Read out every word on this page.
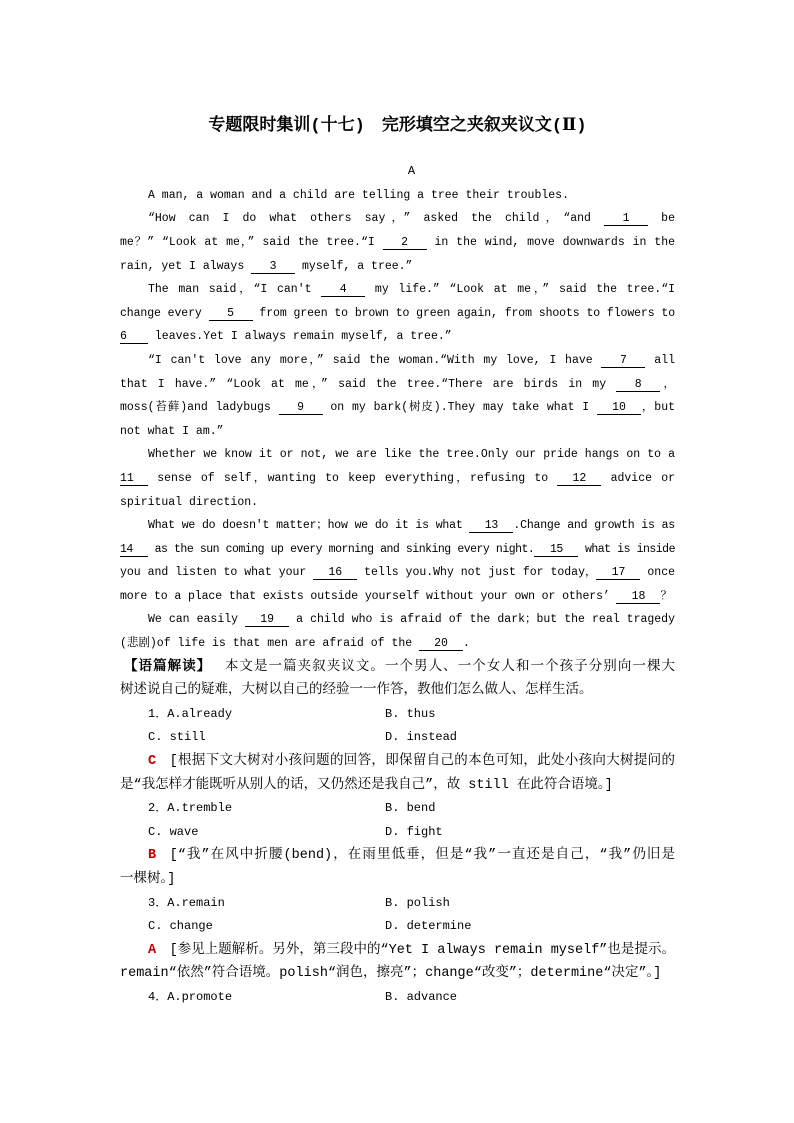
专题限时集训(十七)　完形填空之夹叙夹议文(Ⅱ)
A
A man, a woman and a child are telling a tree their troubles.
“How can I do what others say，” asked the child，“and 1 be
me？” “Look at me，” said the tree.“I 2 in the wind, move downwards in the
rain, yet I always 3 myself, a tree.”
The man said，“I can't 4 my life.” “Look at me，” said the tree.“I
change every 5 from green to brown to green again, from shoots to flowers to
6 leaves.Yet I always remain myself, a tree.”
“I can't love any more，” said the woman.“With my love, I have 7 all
that I have.” “Look at me，” said the tree.“There are birds in my 8 ，
moss(苔藓)and ladybugs 9 on my bark(树皮).They may take what I 10 ，but
not what I am.”
Whether we know it or not, we are like the tree.Only our pride hangs on to a
11 sense of self，wanting to keep everything，refusing to 12 advice or
spiritual direction.
What we do doesn't matter；how we do it is what 13 .Change and growth is as
14 as the sun coming up every morning and sinking every night. 15 what is inside
you and listen to what your 16 tells you.Why not just for today， 17 once
more to a place that exists outside yourself without your own or others’ 18 ？
We can easily 19 a child who is afraid of the dark；but the real tragedy
(悲剧)of life is that men are afraid of the 20 .
【语篇解读】 本文是一篇夹叙夹议文。一个男人、一个女人和一个孩子分别向一棵大
树述说自己的疑难，大树以自己的经验一一作答，教他们怎么做人、怎样生活。
1．A.already	B. thus
C. still	D. instead
C [根据下文大树对小孩问题的回答，即保留自己的本色可知，此处小孩向大树提问的
是“我怎样才能既听从别人的话，又仍然还是我自己”，故 still 在此符合语境。]
2．A.tremble	B. bend
C. wave	D. fight
B [“我”在风中折腰(bend)，在雨里低垂，但是“我”一直还是自己，“我”仍旧是
一棵树。]
3．A.remain	B. polish
C. change	D. determine
A [参见上题解析。另外，第三段中的“Yet I always remain myself”也是提示。
remain“依然”符合语境。polish“润色，擦亮”；change“改变”；determine“决定”。]
4．A.promote	B. advance
